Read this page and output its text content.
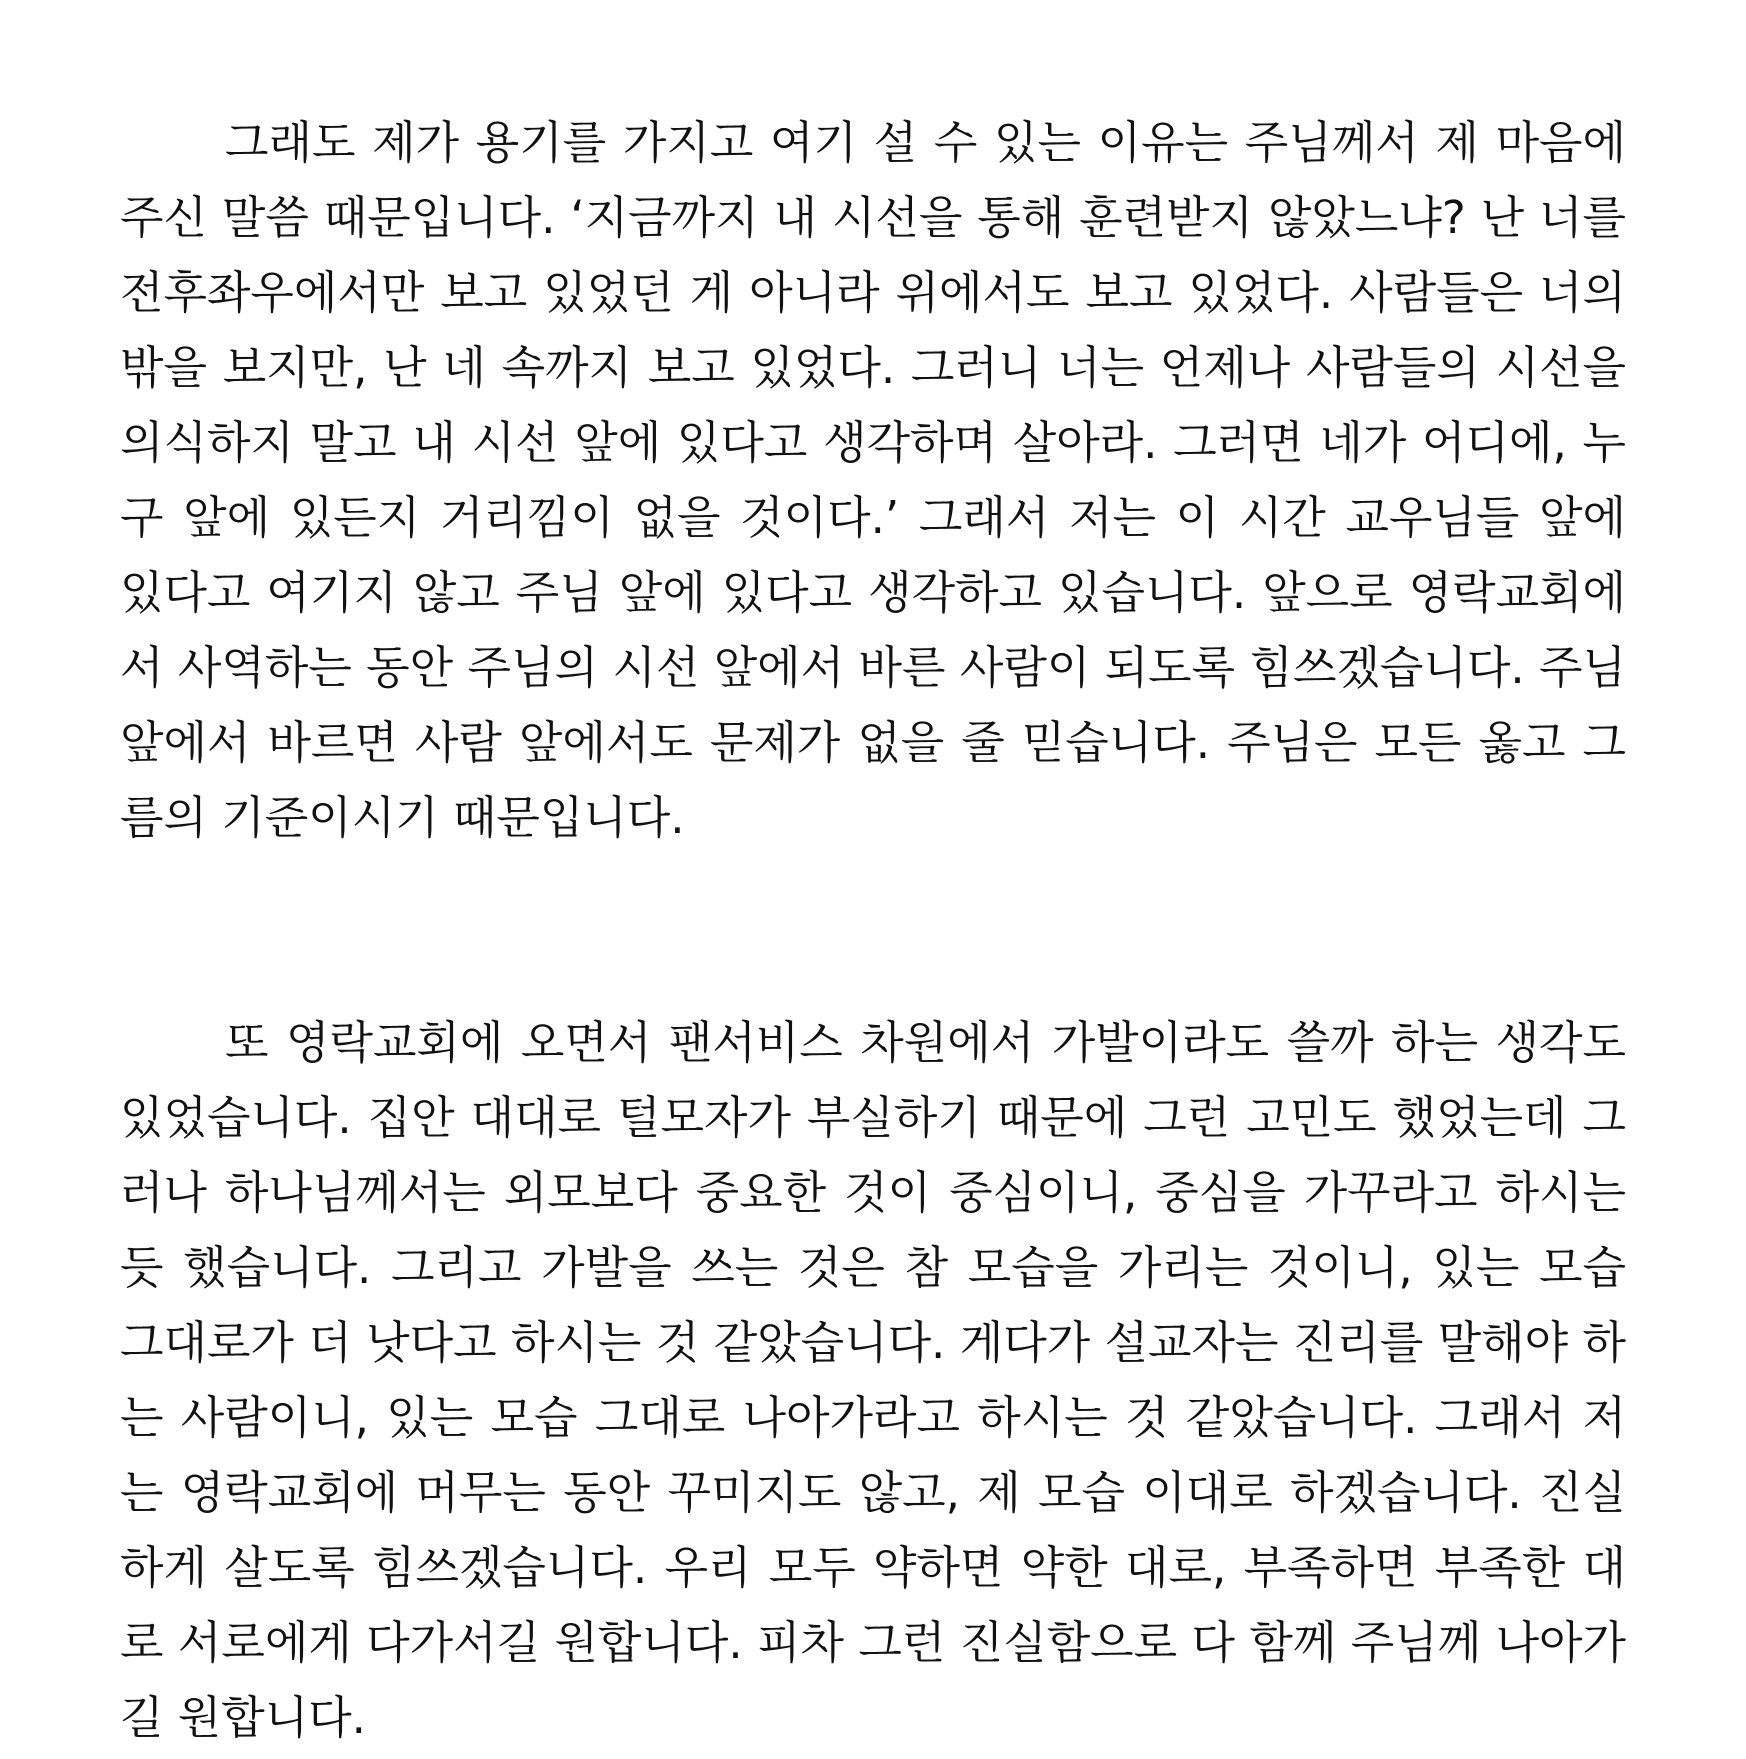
그래도 제가 용기를 가지고 여기 설 수 있는 이유는 주님께서 제 마음에
주신 말씀 때문입니다. ‘지금까지 내 시선을 통해 훈련받지 않았느냐? 난 너를
전후좌우에서만 보고 있었던 게 아니라 위에서도 보고 있었다. 사람들은 너의
밖을 보지만, 난 네 속까지 보고 있었다. 그러니 너는 언제나 사람들의 시선을
의식하지 말고 내 시선 앞에 있다고 생각하며 살아라. 그러면 네가 어디에, 누
구 앞에 있든지 거리낌이 없을 것이다.’ 그래서 저는 이 시간 교우님들 앞에
있다고 여기지 않고 주님 앞에 있다고 생각하고 있습니다. 앞으로 영락교회에
서 사역하는 동안 주님의 시선 앞에서 바른 사람이 되도록 힘쓰겠습니다. 주님
앞에서 바르면 사람 앞에서도 문제가 없을 줄 믿습니다. 주님은 모든 옳고 그
름의 기준이시기 때문입니다.
또 영락교회에 오면서 팬서비스 차원에서 가발이라도 쓸까 하는 생각도
있었습니다. 집안 대대로 털모자가 부실하기 때문에 그런 고민도 했었는데 그
러나 하나님께서는 외모보다 중요한 것이 중심이니, 중심을 가꾸라고 하시는
듯 했습니다. 그리고 가발을 쓰는 것은 참 모습을 가리는 것이니, 있는 모습
그대로가 더 낫다고 하시는 것 같았습니다. 게다가 설교자는 진리를 말해야 하
는 사람이니, 있는 모습 그대로 나아가라고 하시는 것 같았습니다. 그래서 저
는 영락교회에 머무는 동안 꾸미지도 않고, 제 모습 이대로 하겠습니다. 진실
하게 살도록 힘쓰겠습니다. 우리 모두 약하면 약한 대로, 부족하면 부족한 대
로 서로에게 다가서길 원합니다. 피차 그런 진실함으로 다 함께 주님께 나아가
길 원합니다.
